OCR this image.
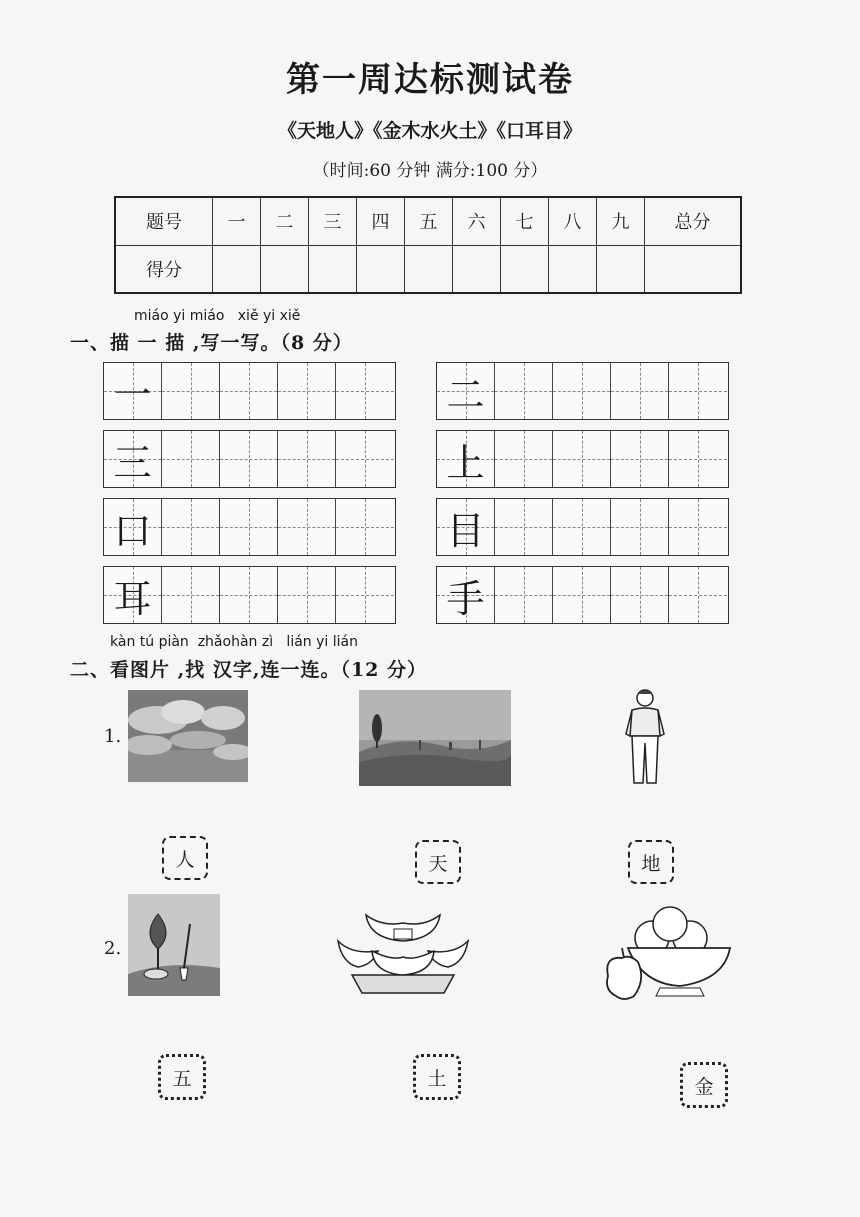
第一周达标测试卷
《天地人》《金木水火土》《口耳目》
（时间:60 分钟 满分:100 分）
题号	一	二	三	四	五	六	七	八	九	总分
得分										
miáo yi miáo   xiě yi xiě
一、描 一 描 ,写一写。（8 分）
一	二
三	上
口	目
耳	手
kàn tú piàn  zhǎohàn zì   lián yi lián
二、看图片 ,找 汉字,连一连。（12 分）
1.
人	天	地
2.
五	土	金
